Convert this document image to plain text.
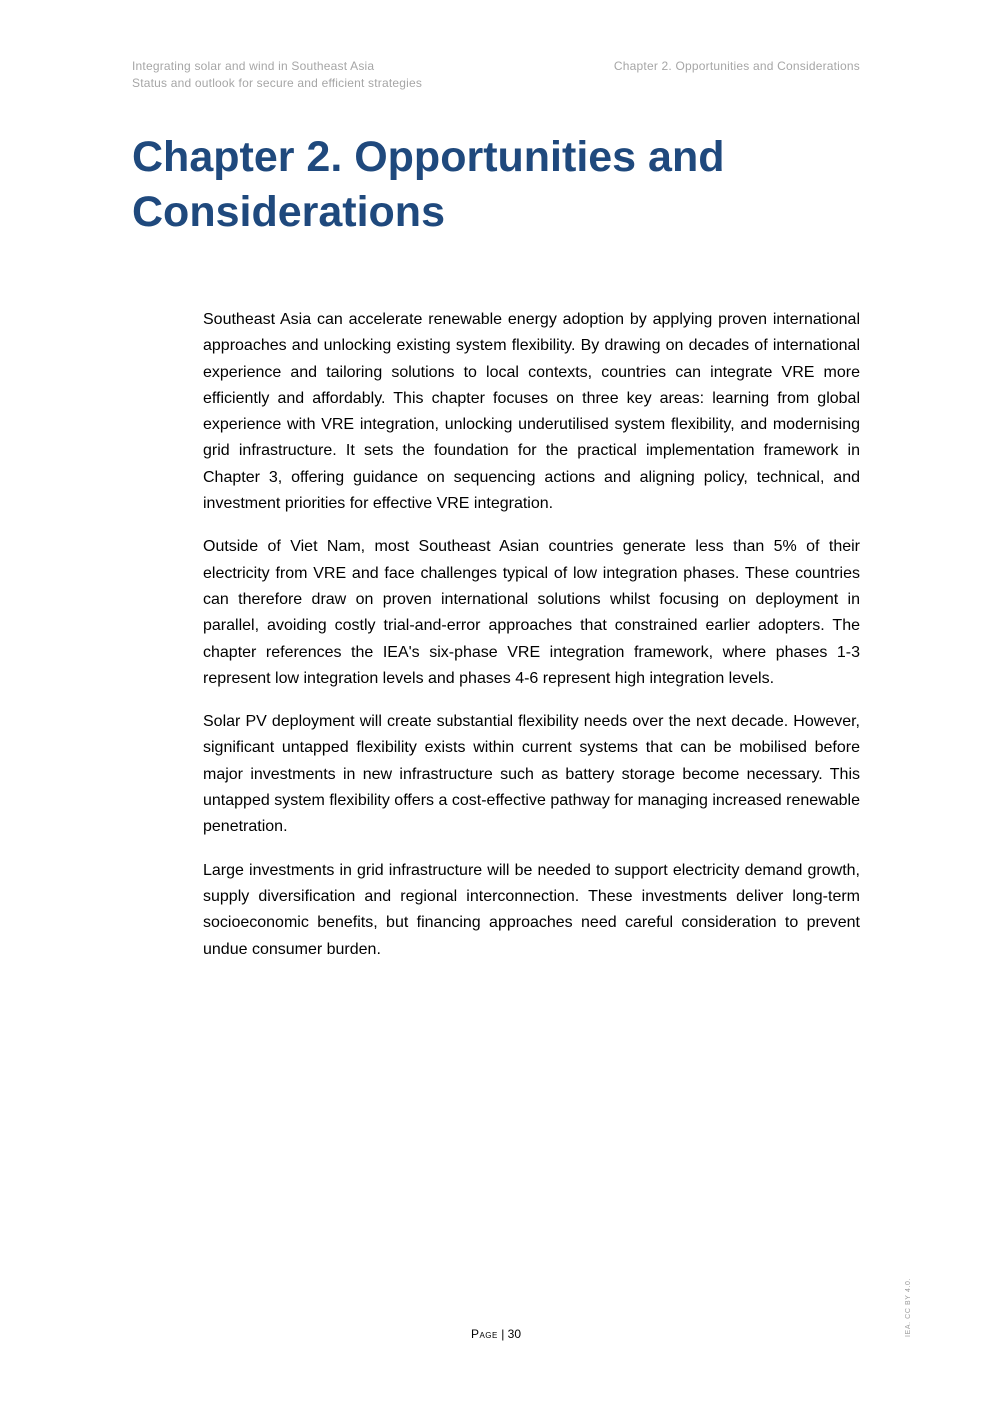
Integrating solar and wind in Southeast Asia
Status and outlook for secure and efficient strategies
Chapter 2. Opportunities and Considerations
Chapter 2. Opportunities and
Considerations

Southeast Asia can accelerate renewable energy adoption by applying proven international approaches and unlocking existing system flexibility. By drawing on decades of international experience and tailoring solutions to local contexts, countries can integrate VRE more efficiently and affordably. This chapter focuses on three key areas: learning from global experience with VRE integration, unlocking underutilised system flexibility, and modernising grid infrastructure. It sets the foundation for the practical implementation framework in Chapter 3, offering guidance on sequencing actions and aligning policy, technical, and investment priorities for effective VRE integration.

Outside of Viet Nam, most Southeast Asian countries generate less than 5% of their electricity from VRE and face challenges typical of low integration phases. These countries can therefore draw on proven international solutions whilst focusing on deployment in parallel, avoiding costly trial-and-error approaches that constrained earlier adopters. The chapter references the IEA's six-phase VRE integration framework, where phases 1-3 represent low integration levels and phases 4-6 represent high integration levels.

Solar PV deployment will create substantial flexibility needs over the next decade. However, significant untapped flexibility exists within current systems that can be mobilised before major investments in new infrastructure such as battery storage become necessary. This untapped system flexibility offers a cost-effective pathway for managing increased renewable penetration.

Large investments in grid infrastructure will be needed to support electricity demand growth, supply diversification and regional interconnection. These investments deliver long-term socioeconomic benefits, but financing approaches need careful consideration to prevent undue consumer burden.

Page | 30	IEA. CC BY 4.0.
